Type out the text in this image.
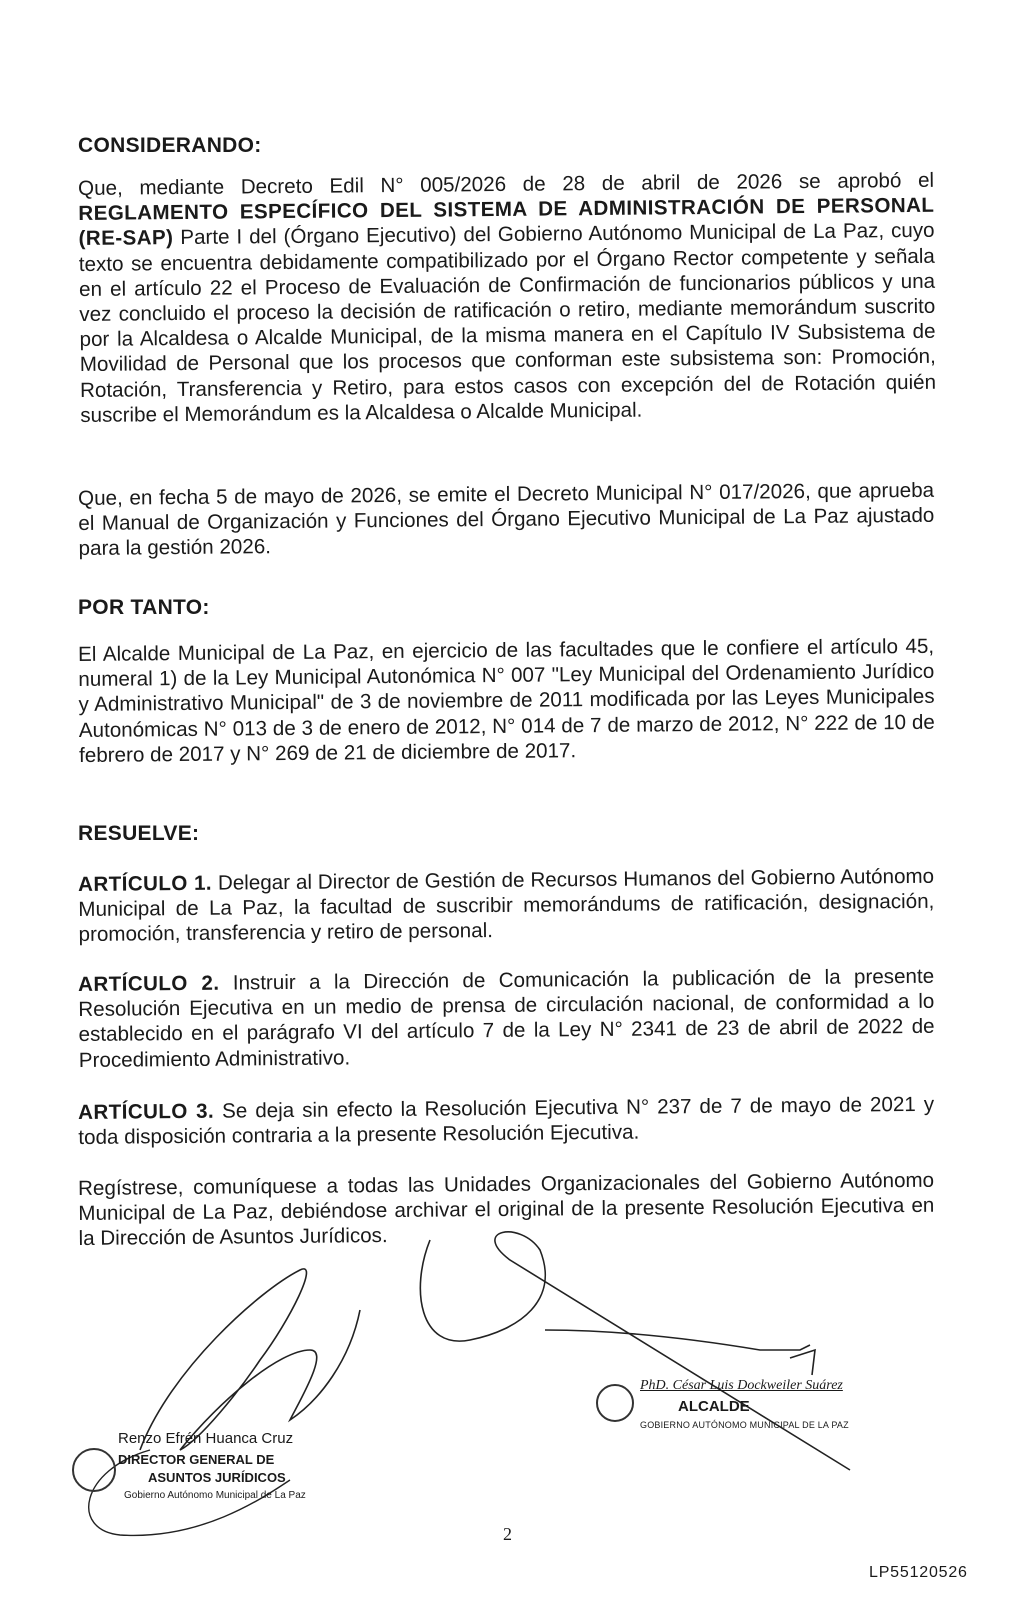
CONSIDERANDO:

Que, mediante Decreto Edil N° 005/2026 de 28 de abril de 2026 se aprobó el REGLAMENTO ESPECÍFICO DEL SISTEMA DE ADMINISTRACIÓN DE PERSONAL (RE-SAP) Parte I del (Órgano Ejecutivo) del Gobierno Autónomo Municipal de La Paz, cuyo texto se encuentra debidamente compatibilizado por el Órgano Rector competente y señala en el artículo 22 el Proceso de Evaluación de Confirmación de funcionarios públicos y una vez concluido el proceso la decisión de ratificación o retiro, mediante memorándum suscrito por la Alcaldesa o Alcalde Municipal, de la misma manera en el Capítulo IV Subsistema de Movilidad de Personal que los procesos que conforman este subsistema son: Promoción, Rotación, Transferencia y Retiro, para estos casos con excepción del de Rotación quién suscribe el Memorándum es la Alcaldesa o Alcalde Municipal.

Que, en fecha 5 de mayo de 2026, se emite el Decreto Municipal N° 017/2026, que aprueba el Manual de Organización y Funciones del Órgano Ejecutivo Municipal de La Paz ajustado para la gestión 2026.

POR TANTO:

El Alcalde Municipal de La Paz, en ejercicio de las facultades que le confiere el artículo 45, numeral 1) de la Ley Municipal Autonómica N° 007 "Ley Municipal del Ordenamiento Jurídico y Administrativo Municipal" de 3 de noviembre de 2011 modificada por las Leyes Municipales Autonómicas N° 013 de 3 de enero de 2012, N° 014 de 7 de marzo de 2012, N° 222 de 10 de febrero de 2017 y N° 269 de 21 de diciembre de 2017.

RESUELVE:

ARTÍCULO 1. Delegar al Director de Gestión de Recursos Humanos del Gobierno Autónomo Municipal de La Paz, la facultad de suscribir memorándums de ratificación, designación, promoción, transferencia y retiro de personal.

ARTÍCULO 2. Instruir a la Dirección de Comunicación la publicación de la presente Resolución Ejecutiva en un medio de prensa de circulación nacional, de conformidad a lo establecido en el parágrafo VI del artículo 7 de la Ley N° 2341 de 23 de abril de 2022 de Procedimiento Administrativo.

ARTÍCULO 3. Se deja sin efecto la Resolución Ejecutiva N° 237 de 7 de mayo de 2021 y toda disposición contraria a la presente Resolución Ejecutiva.

Regístrese, comuníquese a todas las Unidades Organizacionales del Gobierno Autónomo Municipal de La Paz, debiéndose archivar el original de la presente Resolución Ejecutiva en la Dirección de Asuntos Jurídicos.

PhD. César Luis Dockweiler Suárez
ALCALDE
GOBIERNO AUTÓNOMO MUNICIPAL DE LA PAZ
Renzo Efrén Huanca Cruz
DIRECTOR GENERAL DE
ASUNTOS JURÍDICOS
Gobierno Autónomo Municipal de La Paz
2
LP55120526
